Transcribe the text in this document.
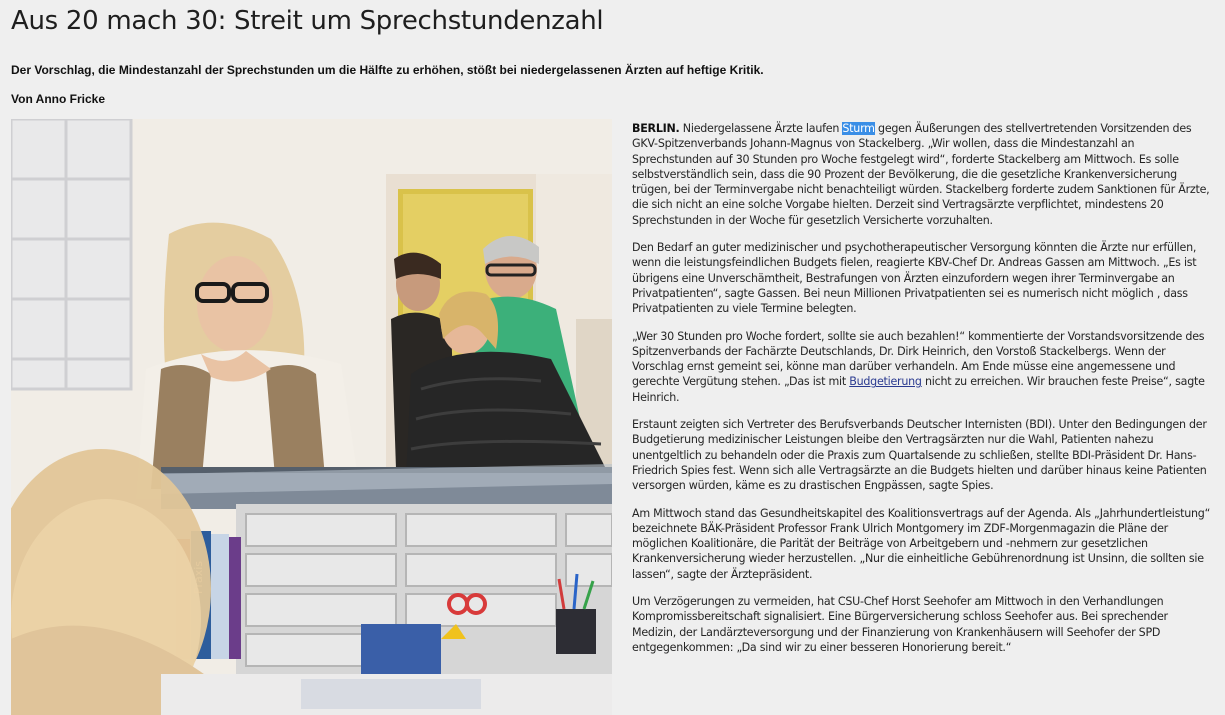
Aus 20 mach 30: Streit um Sprechstundenzahl

Der Vorschlag, die Mindestanzahl der Sprechstunden um die Hälfte zu erhöhen, stößt bei niedergelassenen Ärzten auf heftige Kritik.

Von Anno Fricke

BERLIN. Niedergelassene Ärzte laufen Sturm gegen Äußerungen des stellvertretenden Vorsitzenden des GKV-Spitzenverbands Johann-Magnus von Stackelberg. „Wir wollen, dass die Mindestanzahl an Sprechstunden auf 30 Stunden pro Woche festgelegt wird“, forderte Stackelberg am Mittwoch. Es solle selbstverständlich sein, dass die 90 Prozent der Bevölkerung, die die gesetzliche Krankenversicherung trügen, bei der Terminvergabe nicht benachteiligt würden. Stackelberg forderte zudem Sanktionen für Ärzte, die sich nicht an eine solche Vorgabe hielten. Derzeit sind Vertragsärzte verpflichtet, mindestens 20 Sprechstunden in der Woche für gesetzlich Versicherte vorzuhalten.

Den Bedarf an guter medizinischer und psychotherapeutischer Versorgung könnten die Ärzte nur erfüllen, wenn die leistungsfeindlichen Budgets fielen, reagierte KBV-Chef Dr. Andreas Gassen am Mittwoch. „Es ist übrigens eine Unverschämtheit, Bestrafungen von Ärzten einzufordern wegen ihrer Terminvergabe an Privatpatienten“, sagte Gassen. Bei neun Millionen Privatpatienten sei es numerisch nicht möglich , dass Privatpatienten zu viele Termine belegten.

„Wer 30 Stunden pro Woche fordert, sollte sie auch bezahlen!“ kommentierte der Vorstandsvorsitzende des Spitzenverbands der Fachärzte Deutschlands, Dr. Dirk Heinrich, den Vorstoß Stackelbergs. Wenn der Vorschlag ernst gemeint sei, könne man darüber verhandeln. Am Ende müsse eine angemessene und gerechte Vergütung stehen. „Das ist mit Budgetierung nicht zu erreichen. Wir brauchen feste Preise“, sagte Heinrich.

Erstaunt zeigten sich Vertreter des Berufsverbands Deutscher Internisten (BDI). Unter den Bedingungen der Budgetierung medizinischer Leistungen bleibe den Vertragsärzten nur die Wahl, Patienten nahezu unentgeltlich zu behandeln oder die Praxis zum Quartalsende zu schließen, stellte BDI-Präsident Dr. Hans-Friedrich Spies fest. Wenn sich alle Vertragsärzte an die Budgets hielten und darüber hinaus keine Patienten versorgen würden, käme es zu drastischen Engpässen, sagte Spies.

Am Mittwoch stand das Gesundheitskapitel des Koalitionsvertrags auf der Agenda. Als „Jahrhundertleistung“ bezeichnete BÄK-Präsident Professor Frank Ulrich Montgomery im ZDF-Morgenmagazin die Pläne der möglichen Koalitionäre, die Parität der Beiträge von Arbeitgebern und -nehmern zur gesetzlichen Krankenversicherung wieder herzustellen. „Nur die einheitliche Gebührenordnung ist Unsinn, die sollten sie lassen“, sagte der Ärztepräsident.

Um Verzögerungen zu vermeiden, hat CSU-Chef Horst Seehofer am Mittwoch in den Verhandlungen Kompromissbereitschaft signalisiert. Eine Bürgerversicherung schloss Seehofer aus. Bei sprechender Medizin, der Landärzteversorgung und der Finanzierung von Krankenhäusern will Seehofer der SPD entgegenkommen: „Da sind wir zu einer besseren Honorierung bereit.“
